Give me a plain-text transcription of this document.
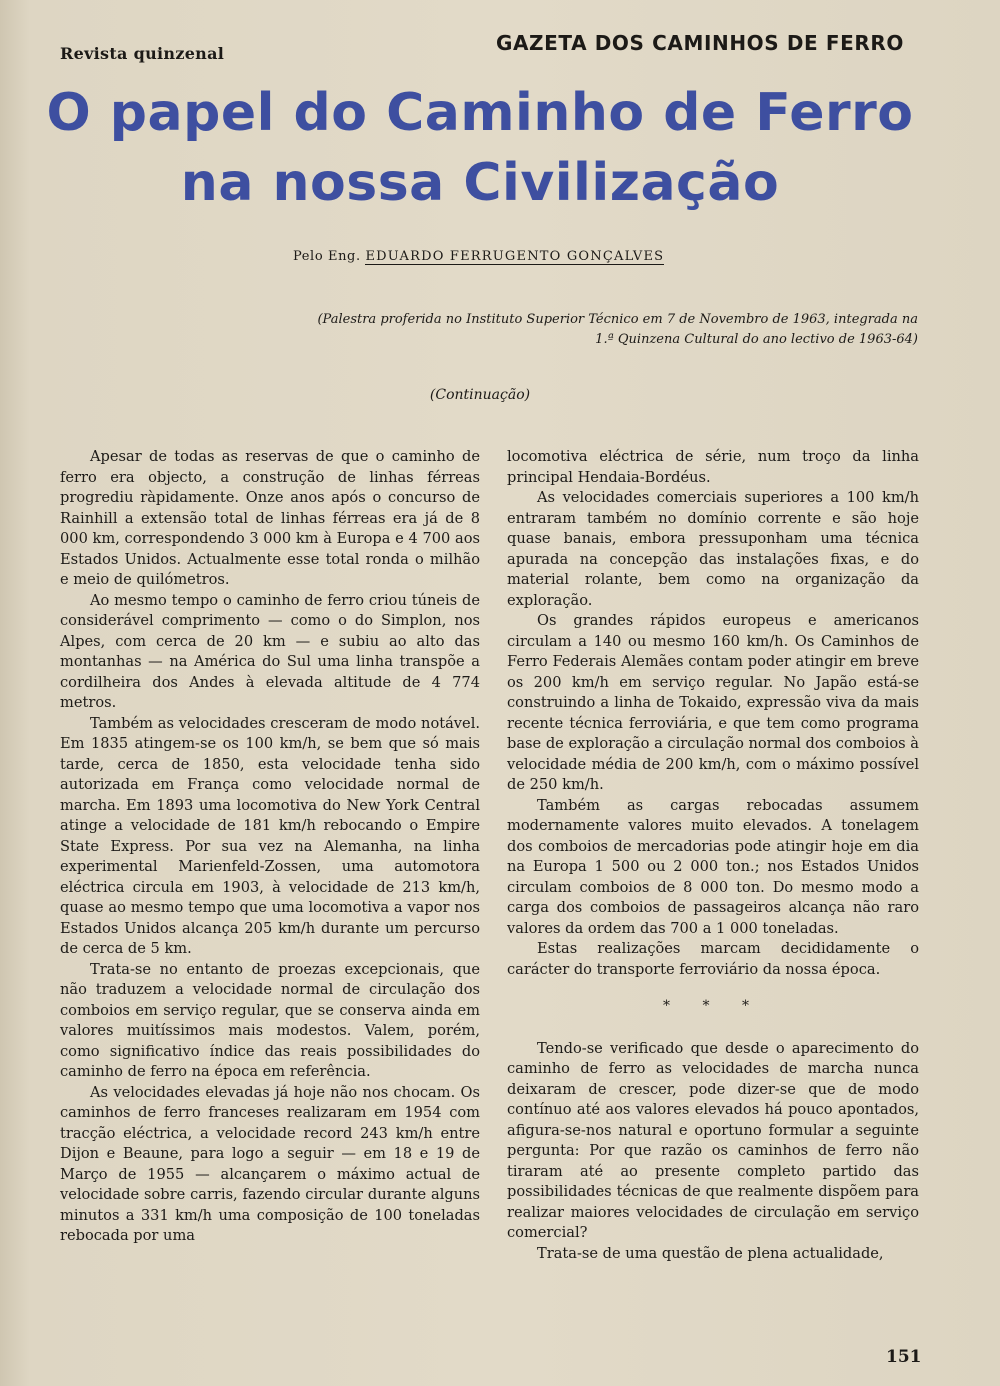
Revista quinzenal	GAZETA DOS CAMINHOS DE FERRO
O papel do Caminho de Ferro
na nossa Civilização
Pelo Eng. EDUARDO FERRUGENTO GONÇALVES
(Palestra proferida no Instituto Superior Técnico em 7 de Novembro de 1963, integrada na
1.ª Quinzena Cultural do ano lectivo de 1963-64)
(Continuação)

Apesar de todas as reservas de que o caminho de ferro era objecto, a construção de linhas férreas progrediu ràpidamente. Onze anos após o concurso de Rainhill a extensão total de linhas férreas era já de 8 000 km, correspondendo 3 000 km à Europa e 4 700 aos Estados Unidos. Actualmente esse total ronda o milhão e meio de quilómetros.

Ao mesmo tempo o caminho de ferro criou túneis de considerável comprimento — como o do Simplon, nos Alpes, com cerca de 20 km — e subiu ao alto das montanhas — na América do Sul uma linha transpõe a cordilheira dos Andes à elevada altitude de 4 774 metros.

Também as velocidades cresceram de modo notável. Em 1835 atingem-se os 100 km/h, se bem que só mais tarde, cerca de 1850, esta velocidade tenha sido autorizada em França como velocidade normal de marcha. Em 1893 uma locomotiva do New York Central atinge a velocidade de 181 km/h rebocando o Empire State Express. Por sua vez na Alemanha, na linha experimental Marienfeld-Zossen, uma automotora eléctrica circula em 1903, à velocidade de 213 km/h, quase ao mesmo tempo que uma locomotiva a vapor nos Estados Unidos alcança 205 km/h durante um percurso de cerca de 5 km.

Trata-se no entanto de proezas excepcionais, que não traduzem a velocidade normal de circulação dos comboios em serviço regular, que se conserva ainda em valores muitíssimos mais modestos. Valem, porém, como significativo índice das reais possibilidades do caminho de ferro na época em referência.

As velocidades elevadas já hoje não nos chocam. Os caminhos de ferro franceses realizaram em 1954 com tracção eléctrica, a velocidade record 243 km/h entre Dijon e Beaune, para logo a seguir — em 18 e 19 de Março de 1955 — alcançarem o máximo actual de velocidade sobre carris, fazendo circular durante alguns minutos a 331 km/h uma composição de 100 toneladas rebocada por uma

locomotiva eléctrica de série, num troço da linha principal Hendaia-Bordéus.

As velocidades comerciais superiores a 100 km/h entraram também no domínio corrente e são hoje quase banais, embora pressuponham uma técnica apurada na concepção das instalações fixas, e do material rolante, bem como na organização da exploração.

Os grandes rápidos europeus e americanos circulam a 140 ou mesmo 160 km/h. Os Caminhos de Ferro Federais Alemães contam poder atingir em breve os 200 km/h em serviço regular. No Japão está-se construindo a linha de Tokaido, expressão viva da mais recente técnica ferroviária, e que tem como programa base de exploração a circulação normal dos comboios à velocidade média de 200 km/h, com o máximo possível de 250 km/h.

Também as cargas rebocadas assumem modernamente valores muito elevados. A tonelagem dos comboios de mercadorias pode atingir hoje em dia na Europa 1 500 ou 2 000 ton.; nos Estados Unidos circulam comboios de 8 000 ton. Do mesmo modo a carga dos comboios de passageiros alcança não raro valores da ordem das 700 a 1 000 toneladas.

Estas realizações marcam decididamente o carácter do transporte ferroviário da nossa época.

* * *

Tendo-se verificado que desde o aparecimento do caminho de ferro as velocidades de marcha nunca deixaram de crescer, pode dizer-se que de modo contínuo até aos valores elevados há pouco apontados, afigura-se-nos natural e oportuno formular a seguinte pergunta: Por que razão os caminhos de ferro não tiraram até ao presente completo partido das possibilidades técnicas de que realmente dispõem para realizar maiores velocidades de circulação em serviço comercial?

Trata-se de uma questão de plena actualidade,

151
